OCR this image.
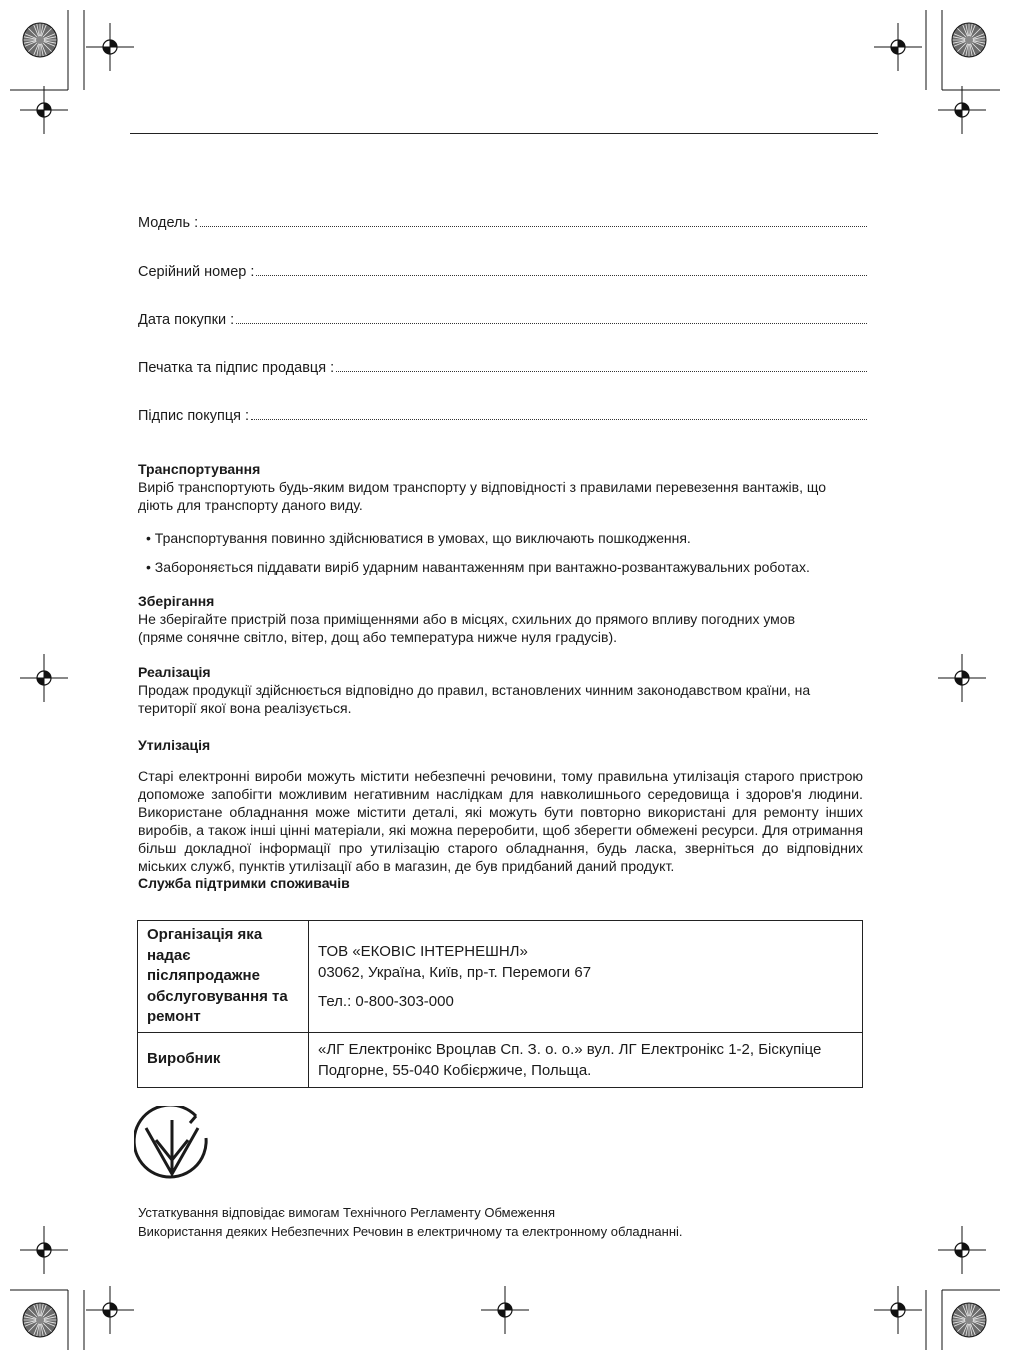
Модель :
Серійний номер :
Дата покупки :
Печатка та підпис продавця :
Підпис покупця :

Транспортування

Виріб транспортують будь-яким видом транспорту у відповідності з правилами перевезення вантажів, що діють для транспорту даного виду.

• Транспортування повинно здійснюватися в умовах, що виключають пошкодження.
• Забороняється піддавати виріб ударним навантаженням при вантажно-розвантажувальних роботах.

Зберігання

Не зберігайте пристрій поза приміщеннями або в місцях, схильних до прямого впливу погодних умов (пряме сонячне світло, вітер, дощ або температура нижче нуля градусів).

Реалізація

Продаж продукції здійснюється відповідно до правил, встановлених чинним законодавством країни, на території якої вона реалізується.

Утилізація

Старі електронні вироби можуть містити небезпечні речовини, тому правильна утилізація старого пристрою допоможе запобігти можливим негативним наслідкам для навколишнього середовища і здоров'я людини. Використане обладнання може містити деталі, які можуть бути повторно використані для ремонту інших виробів, а також інші цінні матеріали, які можна переробити, щоб зберегти обмежені ресурси. Для отримання більш докладної інформації про утилізацію старого обладнання, будь ласка, зверніться до відповідних міських служб, пунктів утилізації або в магазин, де був придбаний даний продукт.

Служба підтримки споживачів

Організація яка надає післяпродажне обслуговування та ремонт	ТОВ «ЕКОВІС ІНТЕРНЕШНЛ»
03062, Україна, Київ, пр-т. Перемоги 67
Тел.: 0-800-303-000

Виробник	«ЛГ Електронікс Вроцлав Сп. З. о. о.» вул. ЛГ Електронікс 1-2, Біскупіце Подгорне, 55-040 Кобієржиче, Польща.
Устаткування відповідає вимогам Технічного Регламенту Обмеження
Використання деяких Небезпечних Речовин в електричному та електронному обладнанні.
